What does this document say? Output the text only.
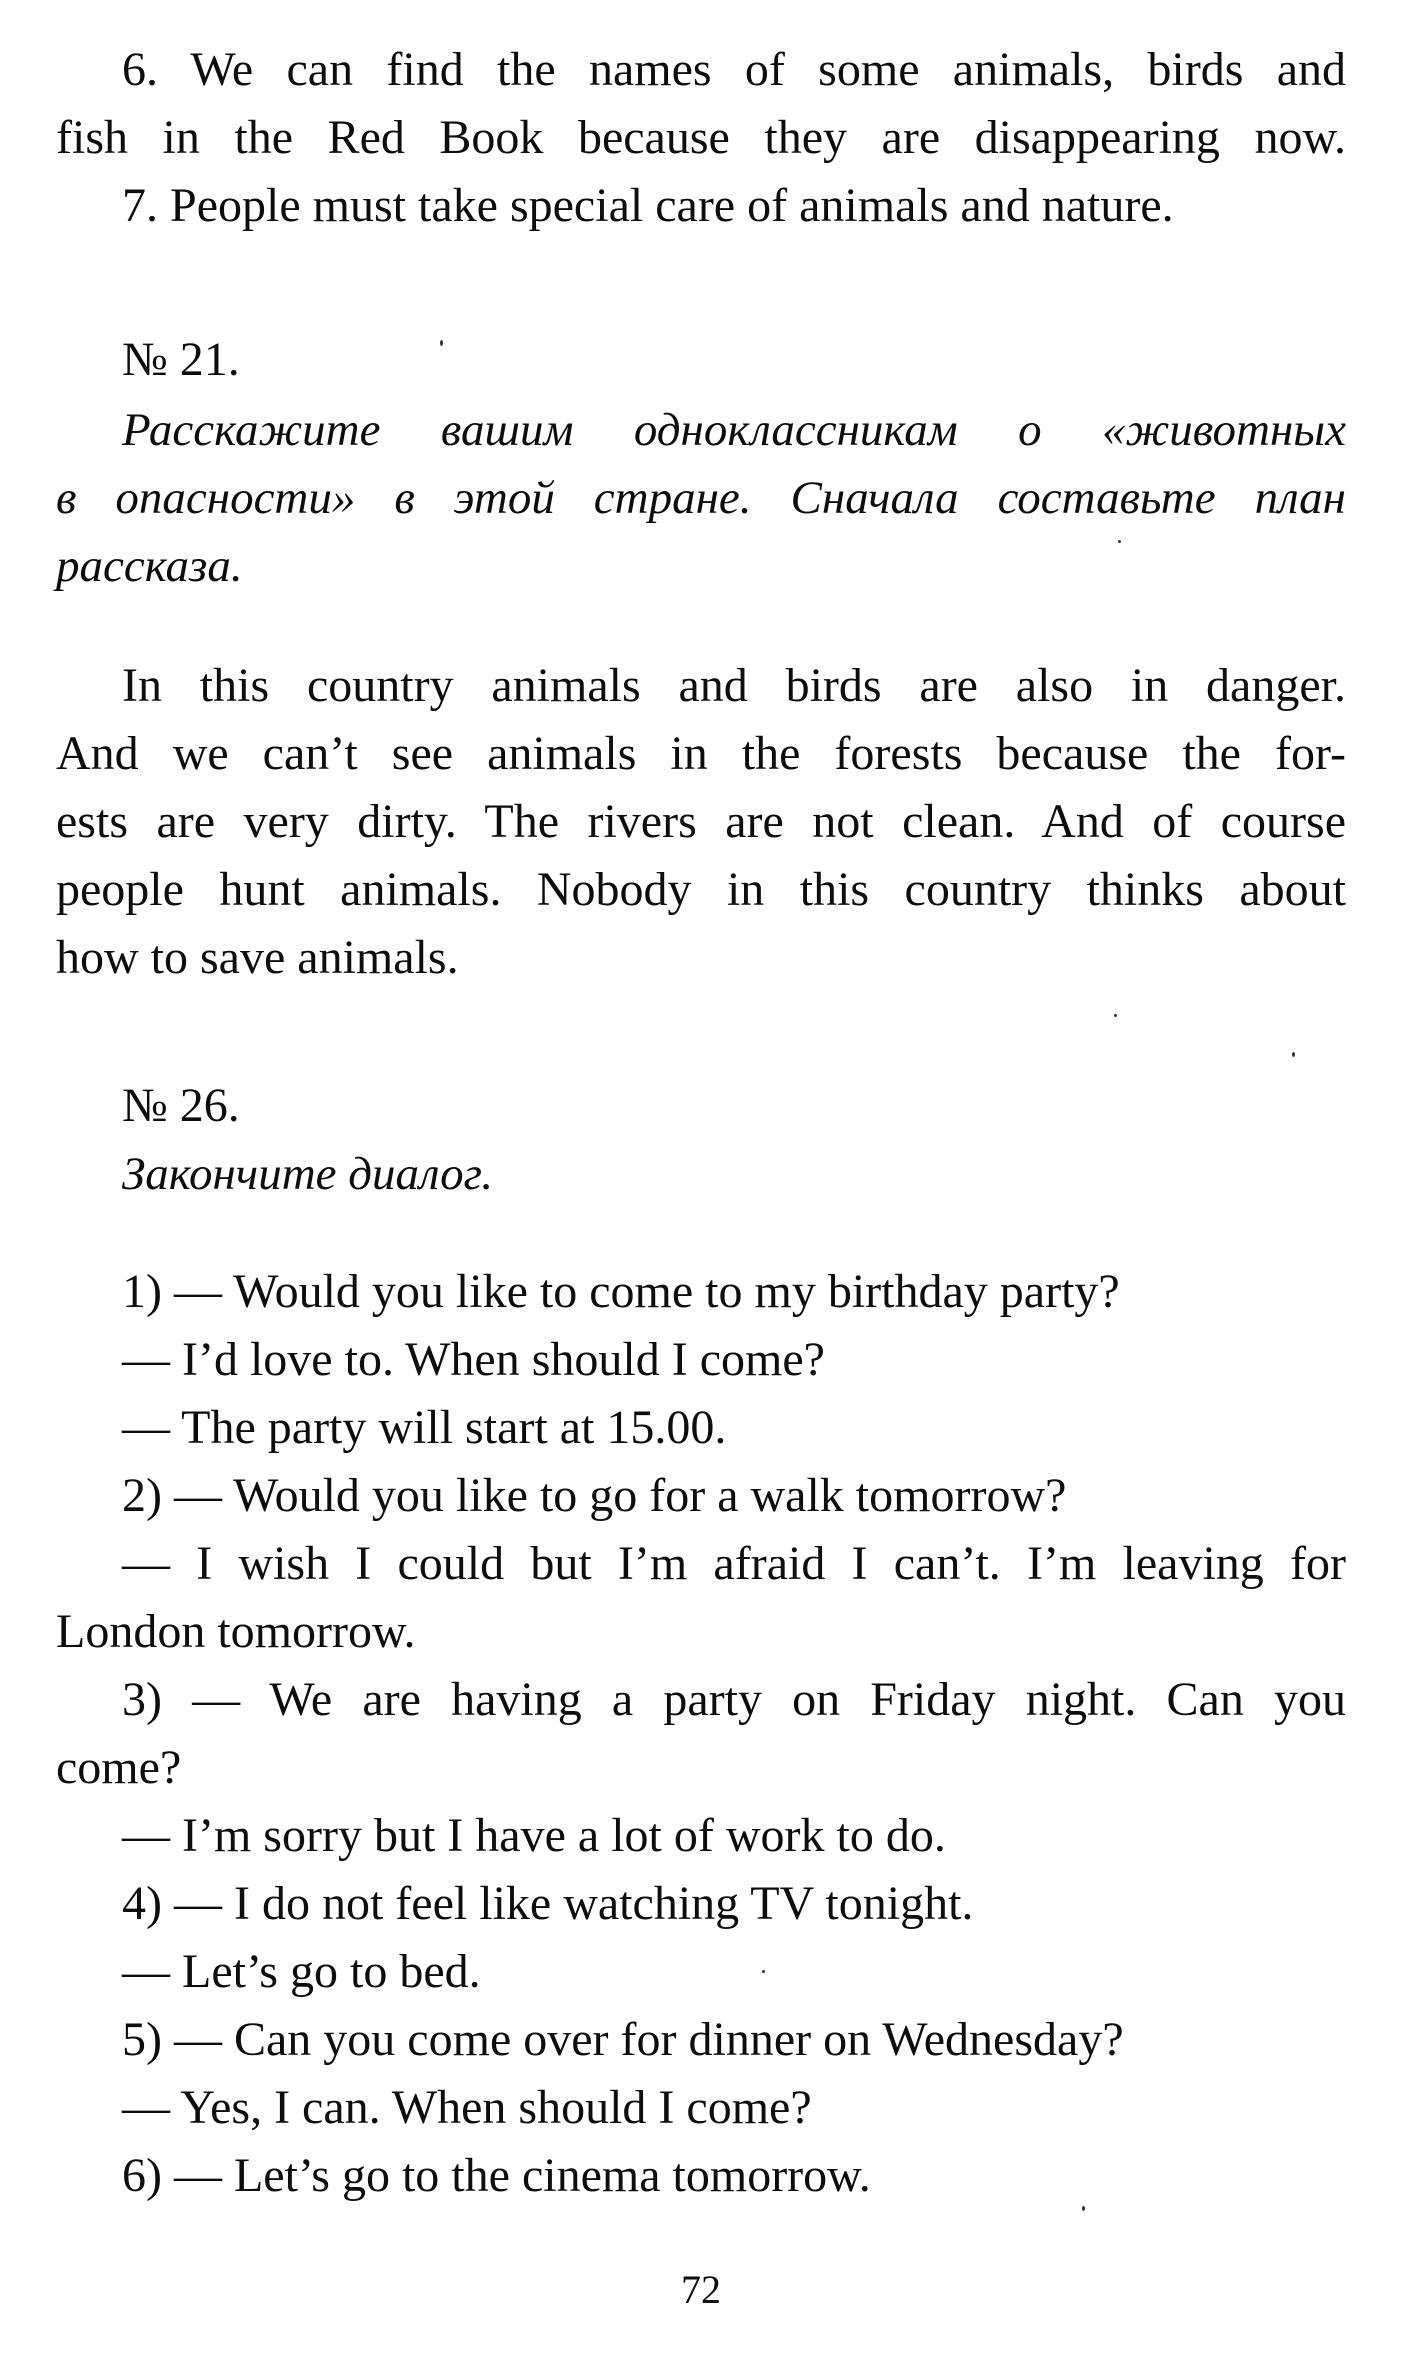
6. We can find the names of some animals, birds and
fish in the Red Book because they are disappearing now.
7. People must take special care of animals and nature.
№ 21.
Расскажите вашим одноклассникам о «животных
в опасности» в этой стране. Сначала составьте план
рассказа.
In this country animals and birds are also in danger.
And we can’t see animals in the forests because the for-
ests are very dirty. The rivers are not clean. And of course
people hunt animals. Nobody in this country thinks about
how to save animals.
№ 26.
Закончите диалог.
1) — Would you like to come to my birthday party?
— I’d love to. When should I come?
— The party will start at 15.00.
2) — Would you like to go for a walk tomorrow?
— I wish I could but I’m afraid I can’t. I’m leaving for
London tomorrow.
3) — We are having a party on Friday night. Can you
come?
— I’m sorry but I have a lot of work to do.
4) — I do not feel like watching TV tonight.
— Let’s go to bed.
5) — Can you come over for dinner on Wednesday?
— Yes, I can. When should I come?
6) — Let’s go to the cinema tomorrow.
72
